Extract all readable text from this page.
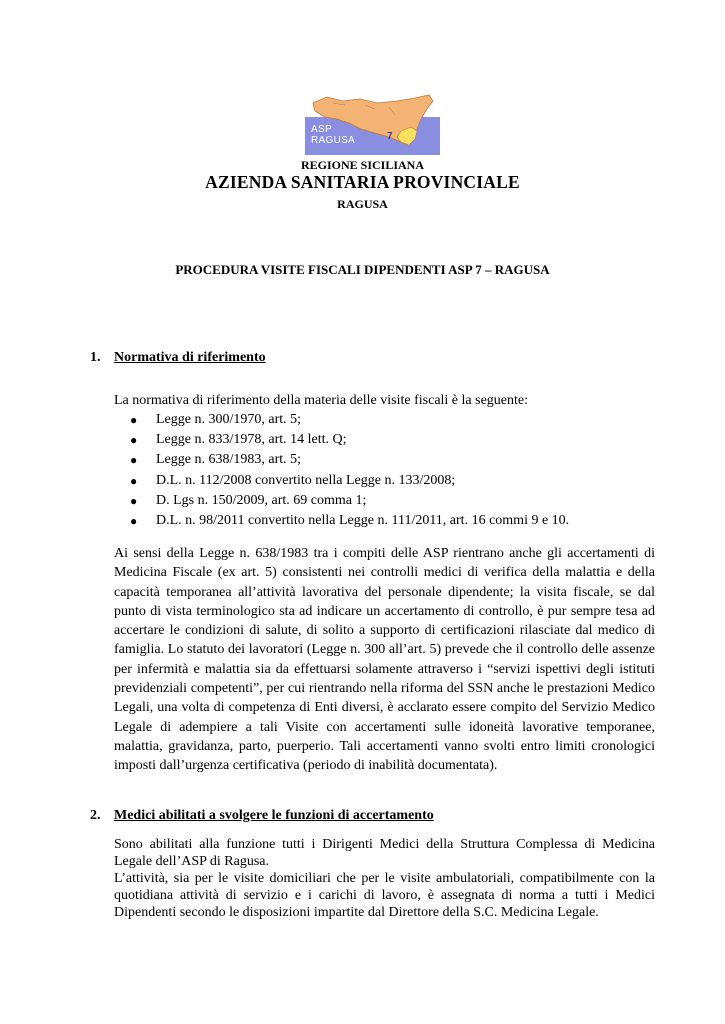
ASP
RAGUSA	7
REGIONE SICILIANA
AZIENDA SANITARIA PROVINCIALE
RAGUSA
PROCEDURA VISITE FISCALI DIPENDENTI ASP 7 – RAGUSA
1. Normativa di riferimento
La normativa di riferimento della materia delle visite fiscali è la seguente:
● Legge n. 300/1970, art. 5;
● Legge n. 833/1978, art. 14 lett. Q;
● Legge n. 638/1983, art. 5;
● D.L. n. 112/2008 convertito nella Legge n. 133/2008;
● D. Lgs n. 150/2009, art. 69 comma 1;
● D.L. n. 98/2011 convertito nella Legge n. 111/2011, art. 16 commi 9 e 10.
Ai sensi della Legge n. 638/1983 tra i compiti delle ASP rientrano anche gli accertamenti di Medicina Fiscale (ex art. 5) consistenti nei controlli medici di verifica della malattia e della capacità temporanea all’attività lavorativa del personale dipendente; la visita fiscale, se dal punto di vista terminologico sta ad indicare un accertamento di controllo, è pur sempre tesa ad accertare le condizioni di salute, di solito a supporto di certificazioni rilasciate dal medico di famiglia. Lo statuto dei lavoratori (Legge n. 300 all’art. 5) prevede che il controllo delle assenze per infermità e malattia sia da effettuarsi solamente attraverso i “servizi ispettivi degli istituti previdenziali competenti”, per cui rientrando nella riforma del SSN anche le prestazioni Medico Legali, una volta di competenza di Enti diversi, è acclarato essere compito del Servizio Medico Legale di adempiere a tali Visite con accertamenti sulle idoneità lavorative temporanee, malattia, gravidanza, parto, puerperio. Tali accertamenti vanno svolti entro limiti cronologici imposti dall’urgenza certificativa (periodo di inabilità documentata).
2. Medici abilitati a svolgere le funzioni di accertamento
Sono abilitati alla funzione tutti i Dirigenti Medici della Struttura Complessa di Medicina Legale dell’ASP di Ragusa.
L’attività, sia per le visite domiciliari che per le visite ambulatoriali, compatibilmente con la quotidiana attività di servizio e i carichi di lavoro, è assegnata di norma a tutti i Medici Dipendenti secondo le disposizioni impartite dal Direttore della S.C. Medicina Legale.
